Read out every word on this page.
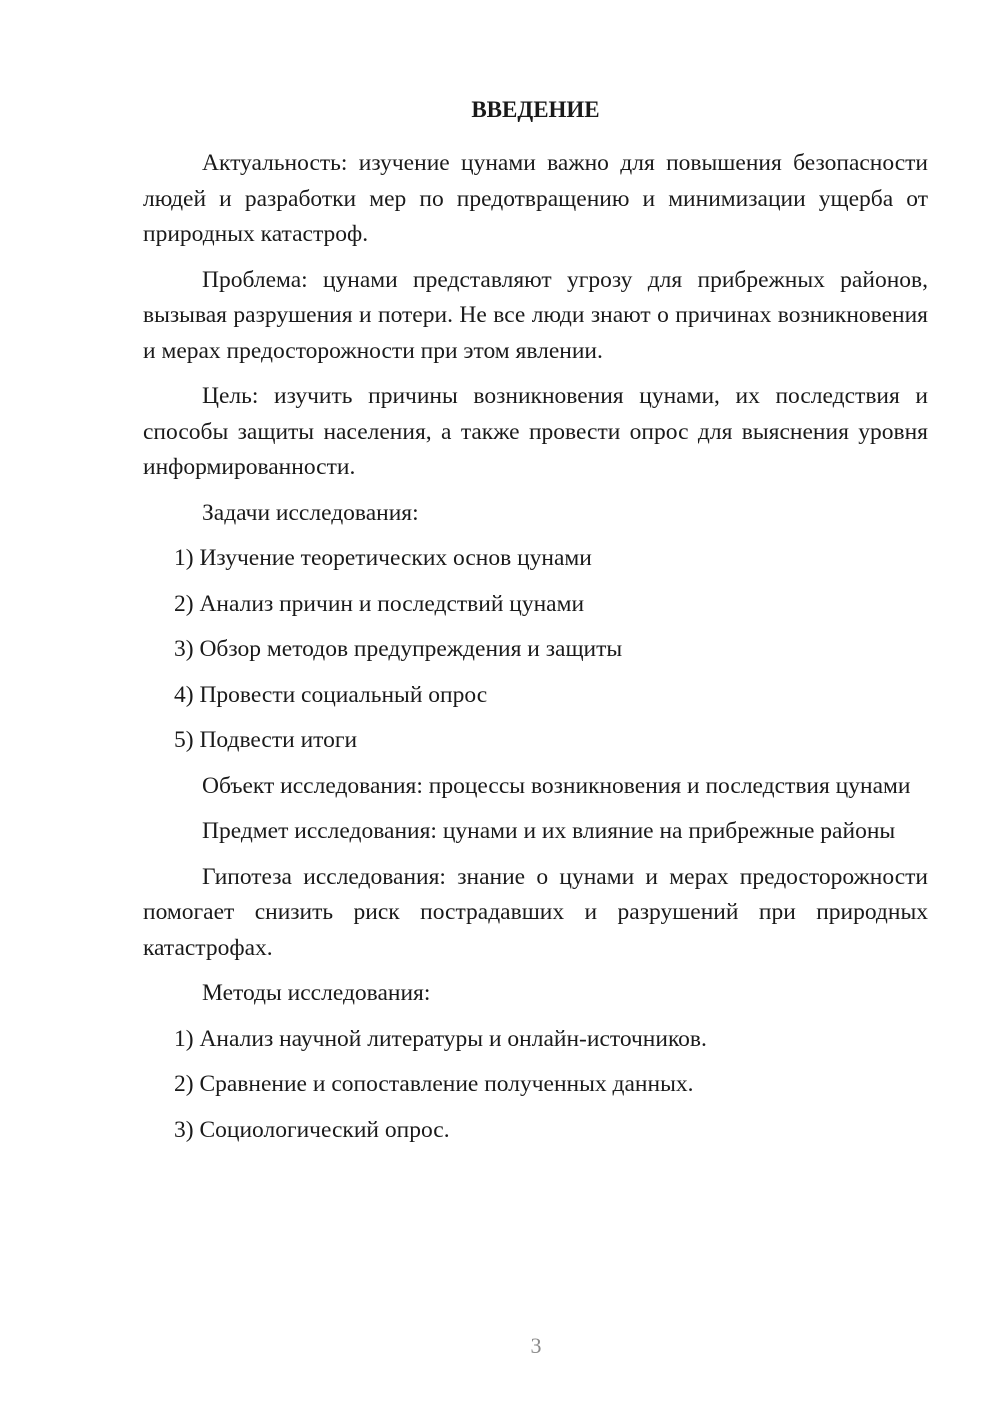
ВВЕДЕНИЕ

Актуальность: изучение цунами важно для повышения безопасности людей и разработки мер по предотвращению и минимизации ущерба от природных катастроф.

Проблема: цунами представляют угрозу для прибрежных районов, вызывая разрушения и потери. Не все люди знают о причинах возникновения и мерах предосторожности при этом явлении.

Цель: изучить причины возникновения цунами, их последствия и способы защиты населения, а также провести опрос для выяснения уровня информированности.

Задачи исследования:

1) Изучение теоретических основ цунами
2) Анализ причин и последствий цунами
3) Обзор методов предупреждения и защиты
4) Провести социальный опрос
5) Подвести итоги

Объект исследования: процессы возникновения и последствия цунами

Предмет исследования: цунами и их влияние на прибрежные районы

Гипотеза исследования: знание о цунами и мерах предосторожности помогает снизить риск пострадавших и разрушений при природных катастрофах.

Методы исследования:

1) Анализ научной литературы и онлайн-источников.
2) Сравнение и сопоставление полученных данных.
3) Социологический опрос.
3
